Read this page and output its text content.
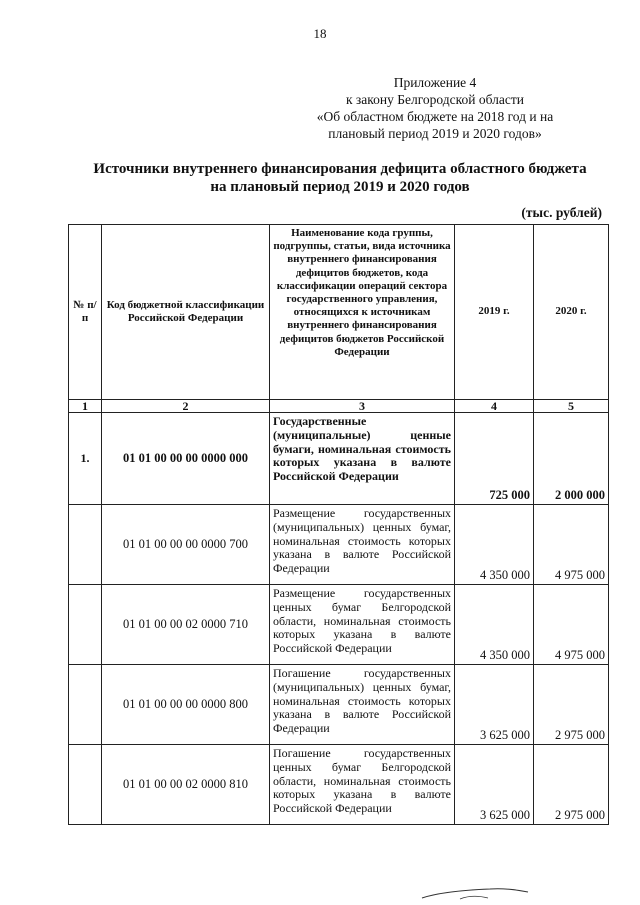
18
Приложение 4
к закону Белгородской области
«Об областном бюджете на 2018 год и на
плановый период 2019 и 2020 годов»
Источники внутреннего финансирования дефицита областного бюджета
на плановый период 2019 и 2020 годов
(тыс. рублей)
№ п/п	Код бюджетной классификации Российской Федерации	Наименование кода группы, подгруппы, статьи, вида источника внутреннего финансирования дефицитов бюджетов, кода классификации операций сектора государственного управления, относящихся к источникам внутреннего финансирования дефицитов бюджетов Российской Федерации	2019 г.	2020 г.
1	2	3	4	5
1.	01 01 00 00 00 0000 000	Государственные (муниципальные) ценные бумаги, номинальная стоимость которых указана в валюте Российской Федерации	725 000	2 000 000
	01 01 00 00 00 0000 700	Размещение государственных (муниципальных) ценных бумаг, номинальная стоимость которых указана в валюте Российской Федерации	4 350 000	4 975 000
	01 01 00 00 02 0000 710	Размещение государственных ценных бумаг Белгородской области, номинальная стоимость которых указана в валюте Российской Федерации	4 350 000	4 975 000
	01 01 00 00 00 0000 800	Погашение государственных (муниципальных) ценных бумаг, номинальная стоимость которых указана в валюте Российской Федерации	3 625 000	2 975 000
	01 01 00 00 02 0000 810	Погашение государственных ценных бумаг Белгородской области, номинальная стоимость которых указана в валюте Российской Федерации	3 625 000	2 975 000
